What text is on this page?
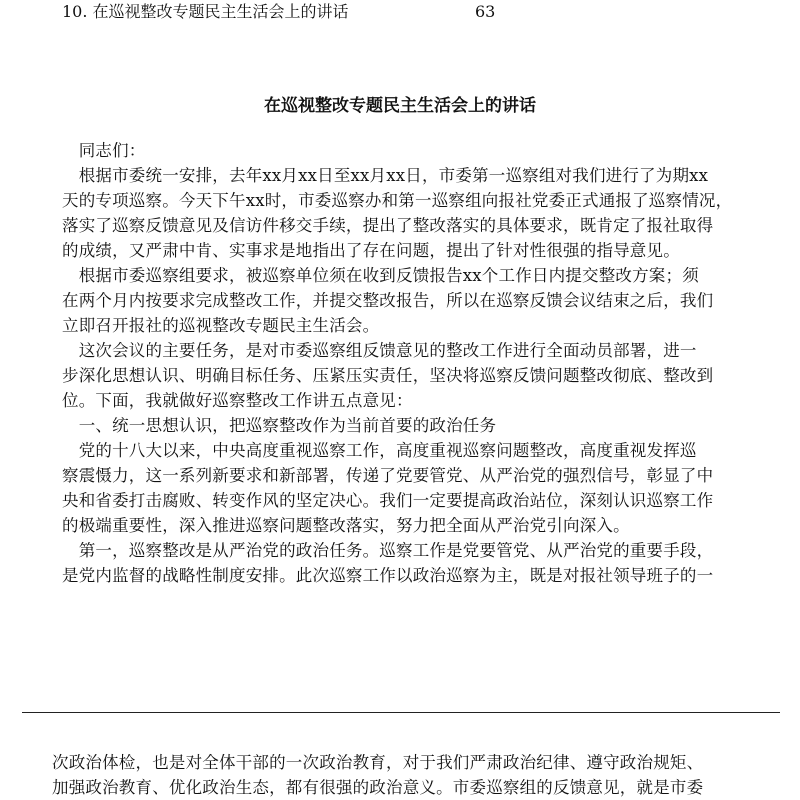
10. 在巡视整改专题民主生活会上的讲话	63
在巡视整改专题民主生活会上的讲话
　同志们：
　根据市委统一安排，去年xx月xx日至xx月xx日，市委第一巡察组对我们进行了为期xx
天的专项巡察。今天下午xx时，市委巡察办和第一巡察组向报社党委正式通报了巡察情况，
落实了巡察反馈意见及信访件移交手续，提出了整改落实的具体要求，既肯定了报社取得
的成绩，又严肃中肯、实事求是地指出了存在问题，提出了针对性很强的指导意见。
　根据市委巡察组要求，被巡察单位须在收到反馈报告xx个工作日内提交整改方案；须
在两个月内按要求完成整改工作，并提交整改报告，所以在巡察反馈会议结束之后，我们
立即召开报社的巡视整改专题民主生活会。
　这次会议的主要任务，是对市委巡察组反馈意见的整改工作进行全面动员部署，进一
步深化思想认识、明确目标任务、压紧压实责任，坚决将巡察反馈问题整改彻底、整改到
位。下面，我就做好巡察整改工作讲五点意见：
　一、统一思想认识，把巡察整改作为当前首要的政治任务
　党的十八大以来，中央高度重视巡察工作，高度重视巡察问题整改，高度重视发挥巡
察震慑力，这一系列新要求和新部署，传递了党要管党、从严治党的强烈信号，彰显了中
央和省委打击腐败、转变作风的坚定决心。我们一定要提高政治站位，深刻认识巡察工作
的极端重要性，深入推进巡察问题整改落实，努力把全面从严治党引向深入。
　第一，巡察整改是从严治党的政治任务。巡察工作是党要管党、从严治党的重要手段，
是党内监督的战略性制度安排。此次巡察工作以政治巡察为主，既是对报社领导班子的一
次政治体检，也是对全体干部的一次政治教育，对于我们严肃政治纪律、遵守政治规矩、
加强政治教育、优化政治生态，都有很强的政治意义。市委巡察组的反馈意见，就是市委
